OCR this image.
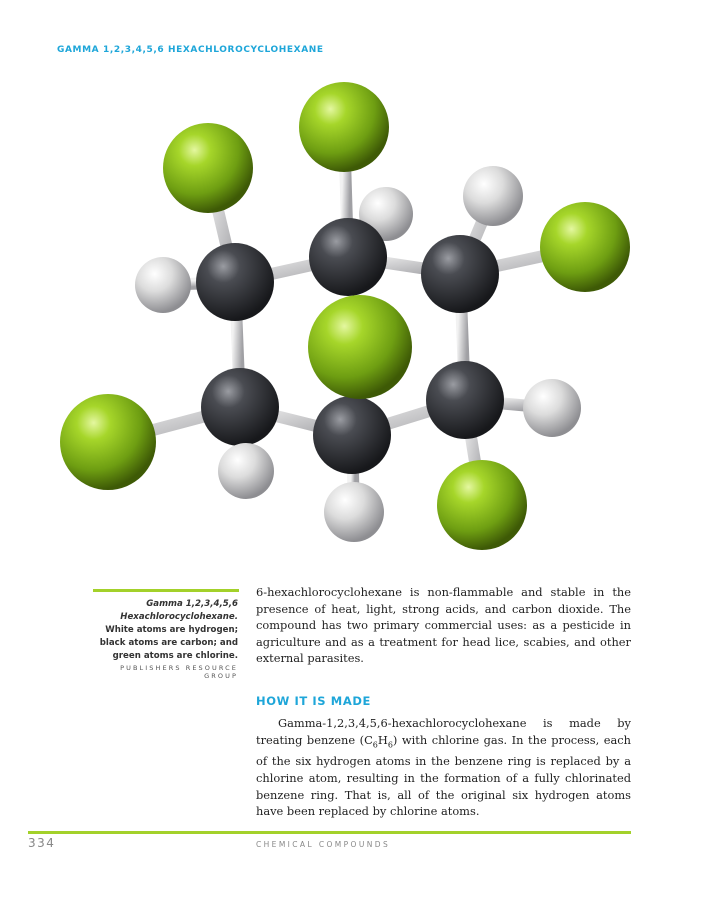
GAMMA 1,2,3,4,5,6 HEXACHLOROCYCLOHEXANE
Gamma 1,2,3,4,5,6 Hexachlorocyclohexane.
White atoms are hydrogen; black atoms are carbon; and green atoms are chlorine.
PUBLISHERS RESOURCE GROUP

6-hexachlorocyclohexane is non-flammable and stable in the presence of heat, light, strong acids, and carbon dioxide. The compound has two primary commercial uses: as a pesticide in agriculture and as a treatment for head lice, scabies, and other external parasites.

HOW IT IS MADE

Gamma-1,2,3,4,5,6-hexachlorocyclohexane is made by treating benzene $(C_6H_6)$ with chlorine gas. In the process, each of the six hydrogen atoms in the benzene ring is replaced by a chlorine atom, resulting in the formation of a fully chlorinated benzene ring. That is, all of the original six hydrogen atoms have been replaced by chlorine atoms.

334	CHEMICAL COMPOUNDS
